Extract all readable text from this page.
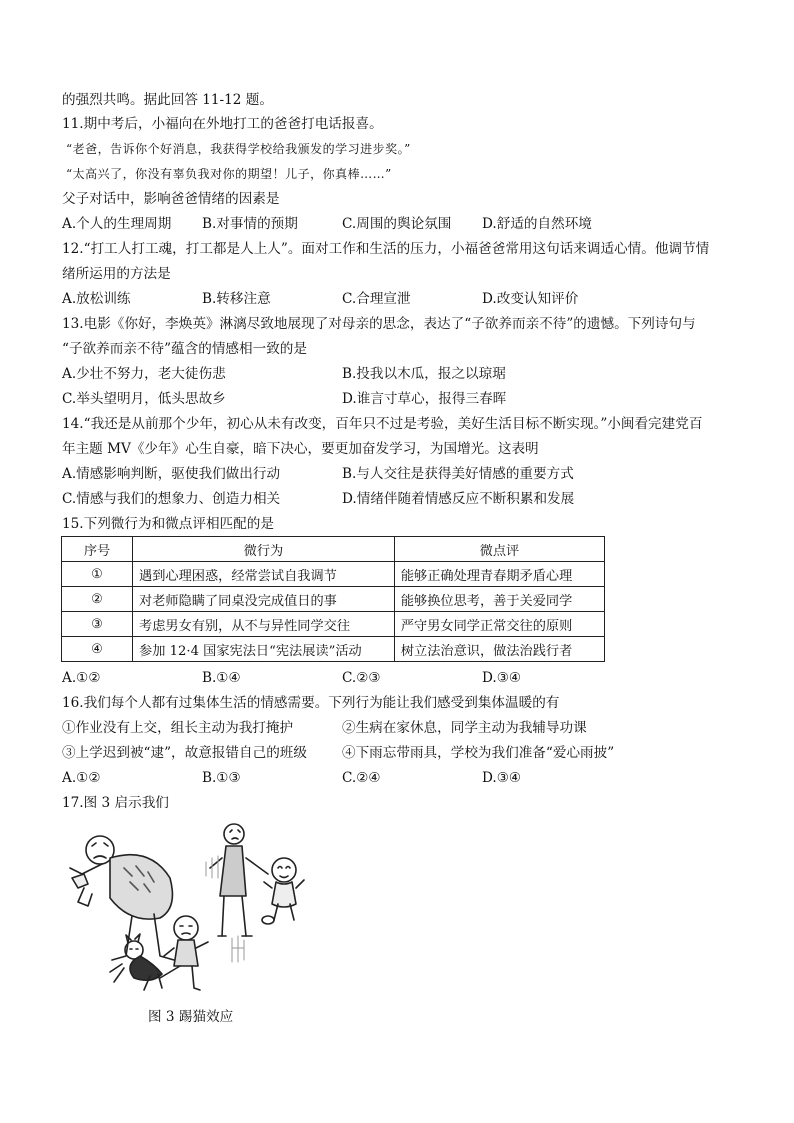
的强烈共鸣。据此回答 11-12 题。
11.期中考后，小福向在外地打工的爸爸打电话报喜。
“老爸，告诉你个好消息，我获得学校给我颁发的学习进步奖。”
“太高兴了，你没有辜负我对你的期望！儿子，你真棒……”
父子对话中，影响爸爸情绪的因素是
A.个人的生理周期 B.对事情的预期	C.周围的舆论氛围 D.舒适的自然环境
12.“打工人打工魂，打工都是人上人”。面对工作和生活的压力，小福爸爸常用这句话来调适心情。他调节情
绪所运用的方法是
A.放松训练	B.转移注意	C.合理宣泄	D.改变认知评价
13.电影《你好，李焕英》淋漓尽致地展现了对母亲的思念，表达了“子欲养而亲不待”的遗憾。下列诗句与
“子欲养而亲不待”蕴含的情感相一致的是
A.少壮不努力，老大徒伤悲	B.投我以木瓜，报之以琼琚
C.举头望明月，低头思故乡	D.谁言寸草心，报得三春晖
14.“我还是从前那个少年，初心从未有改变，百年只不过是考验，美好生活目标不断实现。”小闽看完建党百
年主题 MV《少年》心生自豪，暗下决心，要更加奋发学习，为国增光。这表明
A.情感影响判断，驱使我们做出行动	B.与人交往是获得美好情感的重要方式
C.情感与我们的想象力、创造力相关	D.情绪伴随着情感反应不断积累和发展
15.下列微行为和微点评相匹配的是
序号	微行为	微点评
①	遇到心理困惑，经常尝试自我调节	能够正确处理青春期矛盾心理
②	对老师隐瞒了同桌没完成值日的事	能够换位思考，善于关爱同学
③	考虑男女有别，从不与异性同学交往	严守男女同学正常交往的原则
④	参加 12·4 国家宪法日“宪法展读”活动	树立法治意识，做法治践行者
A.①②	B.①④	C.②③	D.③④
16.我们每个人都有过集体生活的情感需要。下列行为能让我们感受到集体温暖的有
①作业没有上交，组长主动为我打掩护	②生病在家休息，同学主动为我辅导功课
③上学迟到被“逮”，故意报错自己的班级	④下雨忘带雨具，学校为我们准备“爱心雨披”
A.①②	B.①③	C.②④	D.③④
17.图 3 启示我们
图 3 踢猫效应
